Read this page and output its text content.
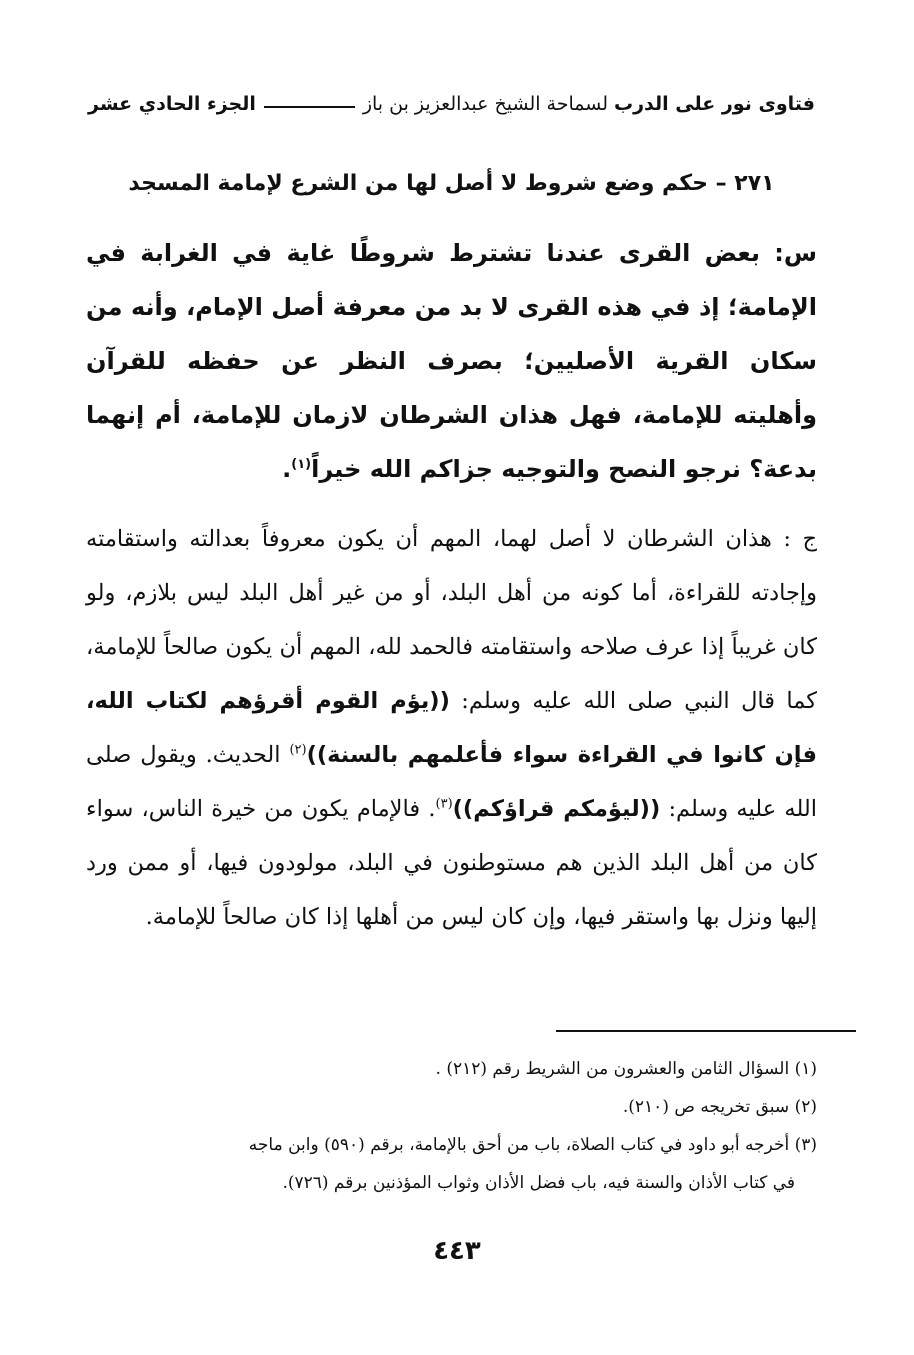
فتاوى نور على الدرب
لسماحة الشيخ عبدالعزيز بن باز
الجزء الحادي عشر
٢٧١ – حكم وضع شروط لا أصل لها من الشرع لإمامة المسجد

س: بعض القرى عندنا تشترط شروطًا غاية في الغرابة في الإمامة؛ إذ في هذه القرى لا بد من معرفة أصل الإمام، وأنه من سكان القرية الأصليين؛ بصرف النظر عن حفظه للقرآن وأهليته للإمامة، فهل هذان الشرطان لازمان للإمامة، أم إنهما بدعة؟ نرجو النصح والتوجيه جزاكم الله خيراً$^{(١)}$.

ج : هذان الشرطان لا أصل لهما، المهم أن يكون معروفاً بعدالته واستقامته وإجادته للقراءة، أما كونه من أهل البلد، أو من غير أهل البلد ليس بلازم، ولو كان غريباً إذا عرف صلاحه واستقامته فالحمد لله، المهم أن يكون صالحاً للإمامة، كما قال النبي صلى الله عليه وسلم: ((يؤم القوم أقرؤهم لكتاب الله، فإن كانوا في القراءة سواء فأعلمهم بالسنة))$^{(٢)}$ الحديث. ويقول صلى الله عليه وسلم: ((ليؤمكم قراؤكم))$^{(٣)}$. فالإمام يكون من خيرة الناس، سواء كان من أهل البلد الذين هم مستوطنون في البلد، مولودون فيها، أو ممن ورد إليها ونزل بها واستقر فيها، وإن كان ليس من أهلها إذا كان صالحاً للإمامة.

(١) السؤال الثامن والعشرون من الشريط رقم (٢١٢) .
(٢) سبق تخريجه ص (٢١٠).
(٣) أخرجه أبو داود في كتاب الصلاة، باب من أحق بالإمامة، برقم (٥٩٠) وابن ماجه
في كتاب الأذان والسنة فيه، باب فضل الأذان وثواب المؤذنين برقم (٧٢٦).
٤٤٣
